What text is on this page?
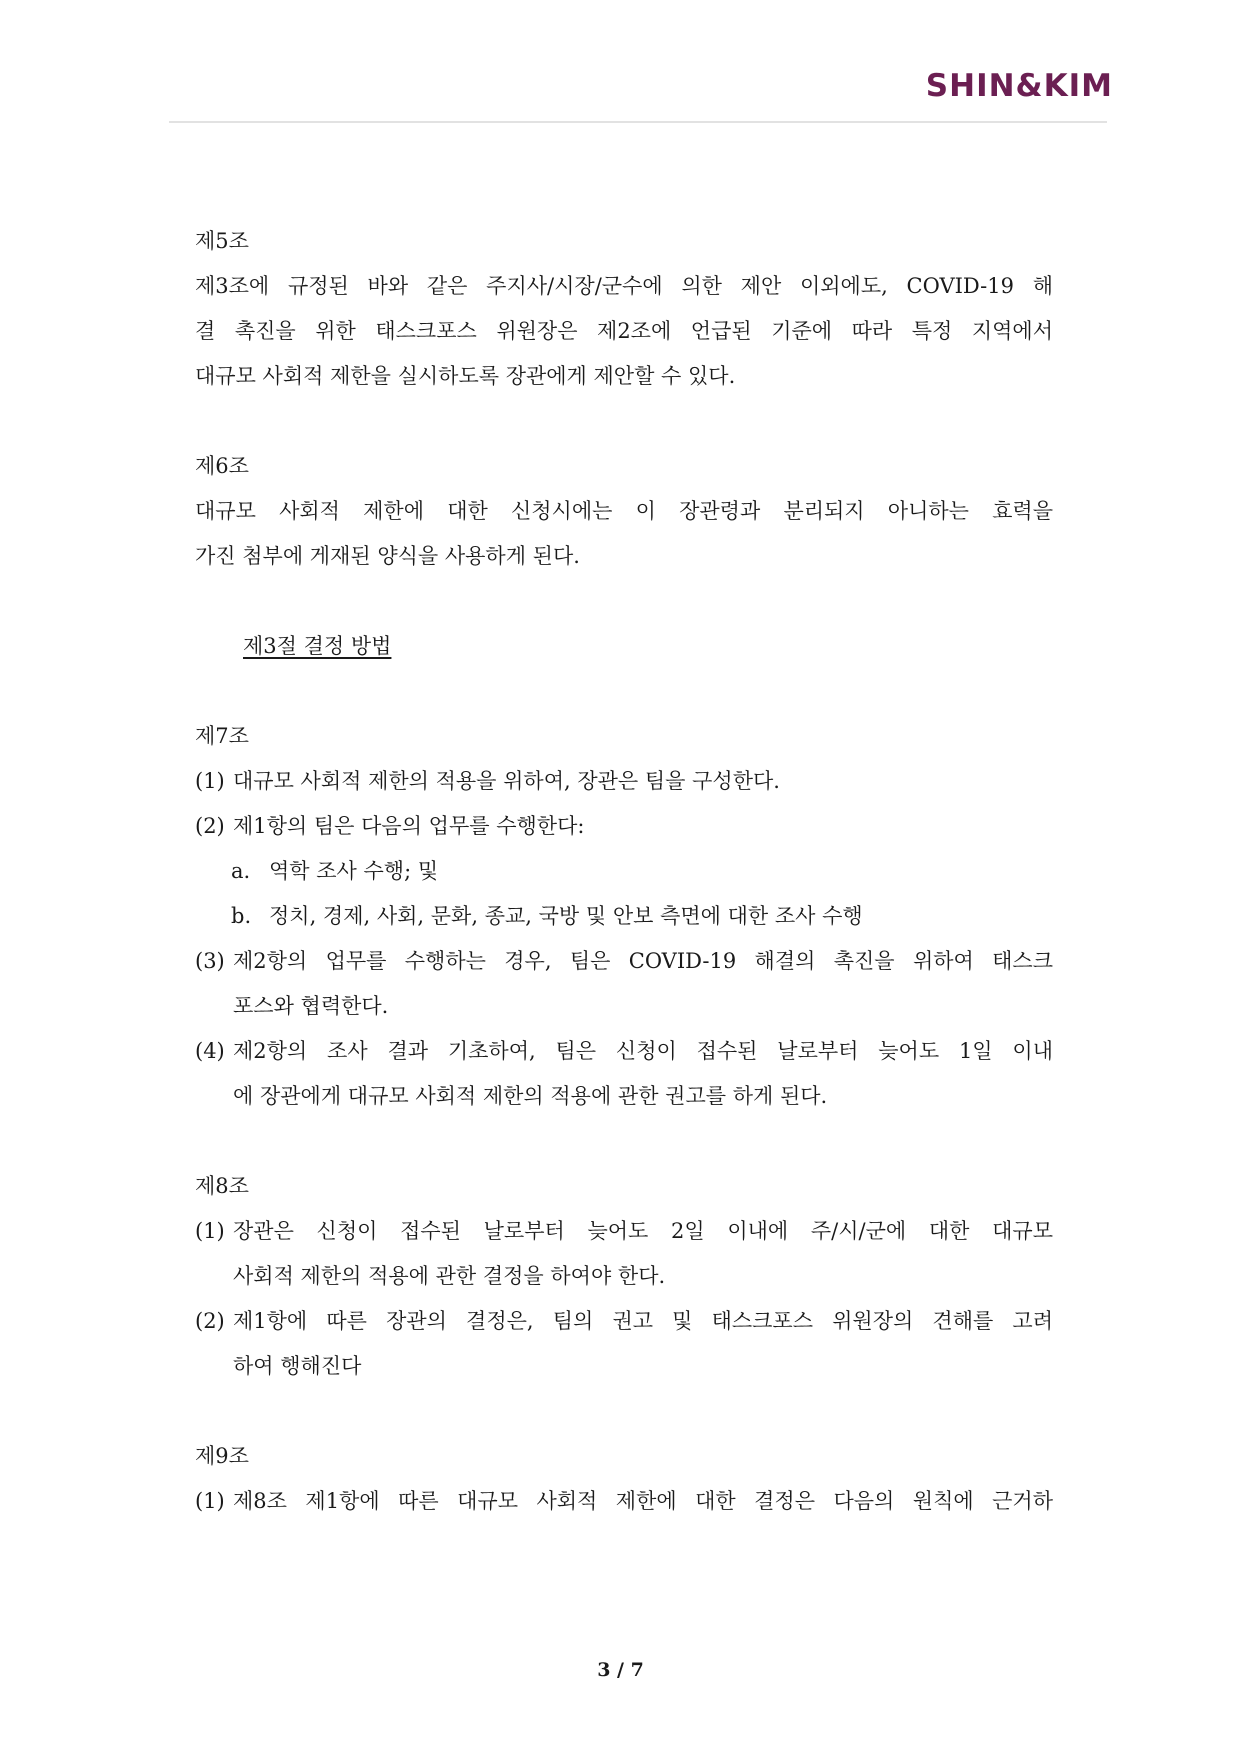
SHIN&KIM
제5조
제3조에 규정된 바와 같은 주지사/시장/군수에 의한 제안 이외에도, COVID-19 해
결 촉진을 위한 태스크포스 위원장은 제2조에 언급된 기준에 따라 특정 지역에서
대규모 사회적 제한을 실시하도록 장관에게 제안할 수 있다.
제6조
대규모 사회적 제한에 대한 신청시에는 이 장관령과 분리되지 아니하는 효력을
가진 첨부에 게재된 양식을 사용하게 된다.
제3절 결정 방법
제7조
(1) 대규모 사회적 제한의 적용을 위하여, 장관은 팀을 구성한다.
(2) 제1항의 팀은 다음의 업무를 수행한다:
a. 역학 조사 수행; 및
b. 정치, 경제, 사회, 문화, 종교, 국방 및 안보 측면에 대한 조사 수행
(3) 제2항의 업무를 수행하는 경우, 팀은 COVID-19 해결의 촉진을 위하여 태스크
포스와 협력한다.
(4) 제2항의 조사 결과 기초하여, 팀은 신청이 접수된 날로부터 늦어도 1일 이내
에 장관에게 대규모 사회적 제한의 적용에 관한 권고를 하게 된다.
제8조
(1) 장관은 신청이 접수된 날로부터 늦어도 2일 이내에 주/시/군에 대한 대규모
사회적 제한의 적용에 관한 결정을 하여야 한다.
(2) 제1항에 따른 장관의 결정은, 팀의 권고 및 태스크포스 위원장의 견해를 고려
하여 행해진다
제9조
(1) 제8조 제1항에 따른 대규모 사회적 제한에 대한 결정은 다음의 원칙에 근거하
3 / 7
